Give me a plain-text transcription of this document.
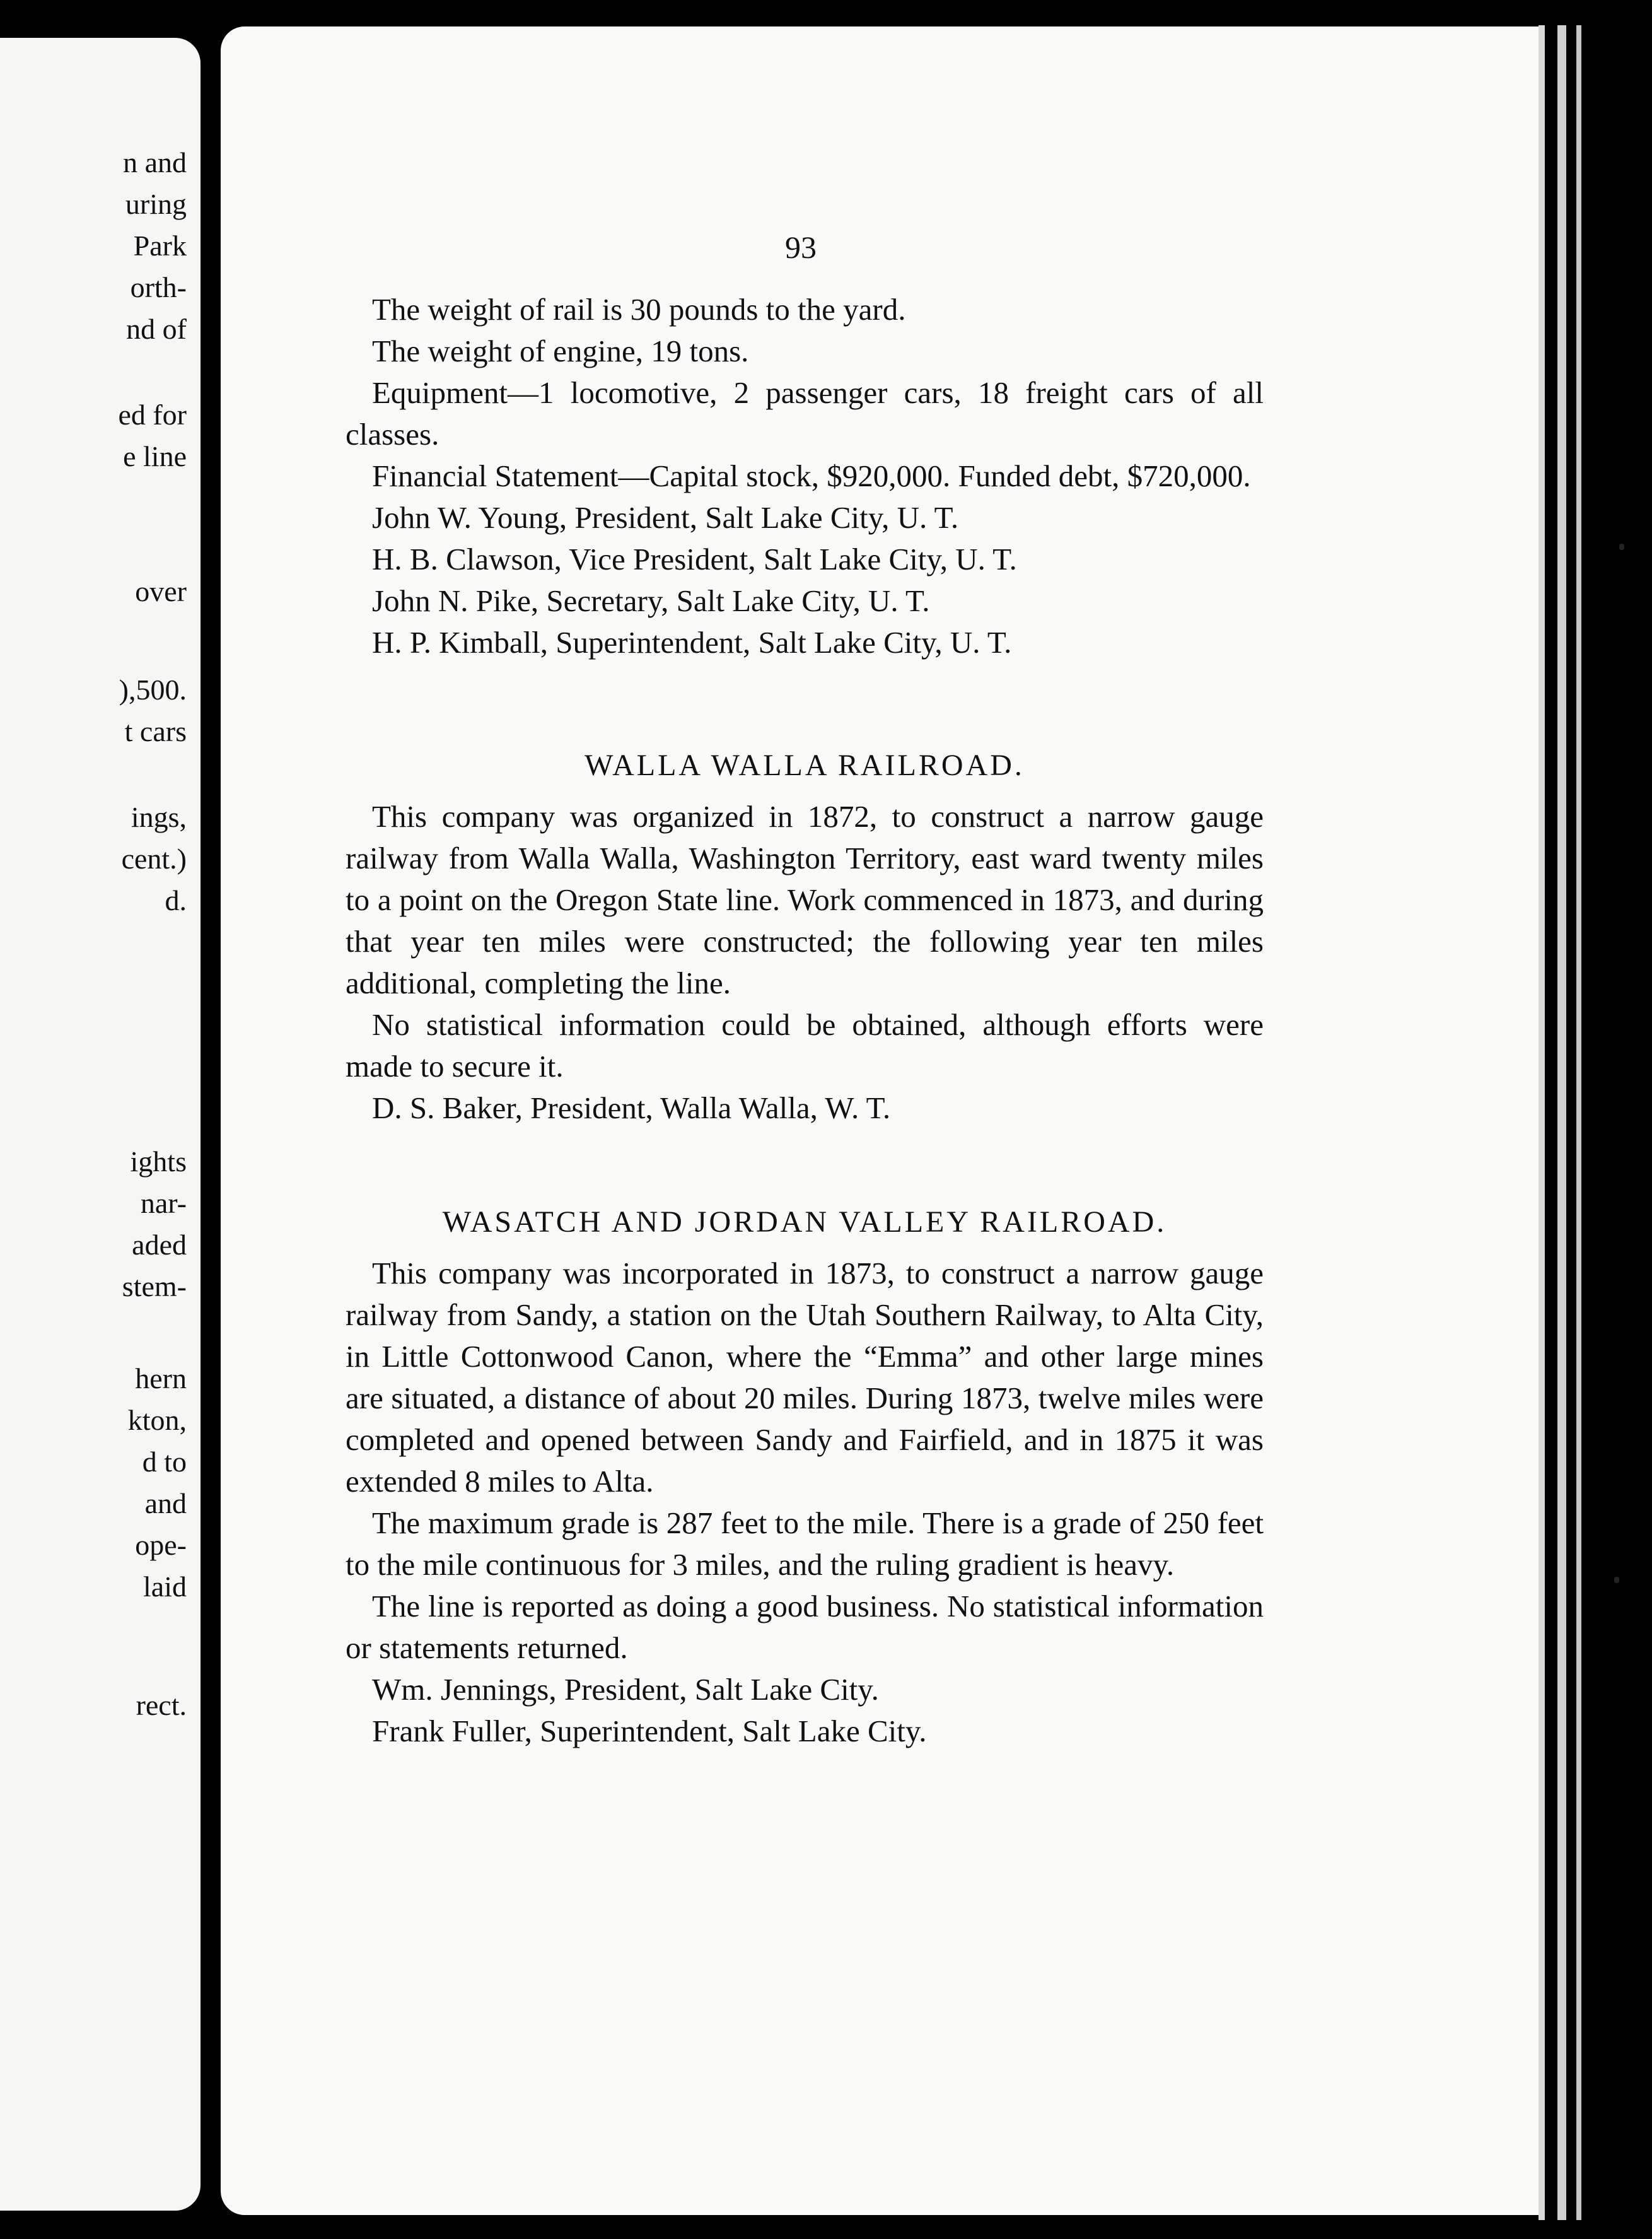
n and
uring
Park
orth-
nd of
ed for
e line
over
),500.
t cars
ings,
cent.)
d.
ights
nar-
aded
stem-
hern
kton,
d to
and
ope-
laid
rect.
93

The weight of rail is 30 pounds to the yard.

The weight of engine, 19 tons.

Equipment—1 locomotive, 2 passenger cars, 18 freight cars of all classes.

Financial Statement—Capital stock, $920,000. Funded debt, $720,000.

John W. Young, President, Salt Lake City, U. T.

H. B. Clawson, Vice President, Salt Lake City, U. T.

John N. Pike, Secretary, Salt Lake City, U. T.

H. P. Kimball, Superintendent, Salt Lake City, U. T.

WALLA WALLA RAILROAD.

This company was organized in 1872, to construct a narrow gauge railway from Walla Walla, Washington Territory, east ward twenty miles to a point on the Oregon State line. Work commenced in 1873, and during that year ten miles were constructed; the following year ten miles additional, completing the line.

No statistical information could be obtained, although efforts were made to secure it.

D. S. Baker, President, Walla Walla, W. T.

WASATCH AND JORDAN VALLEY RAILROAD.

This company was incorporated in 1873, to construct a narrow gauge railway from Sandy, a station on the Utah Southern Railway, to Alta City, in Little Cottonwood Canon, where the “Emma” and other large mines are situated, a distance of about 20 miles. During 1873, twelve miles were completed and opened between Sandy and Fairfield, and in 1875 it was extended 8 miles to Alta.

The maximum grade is 287 feet to the mile. There is a grade of 250 feet to the mile continuous for 3 miles, and the ruling gradient is heavy.

The line is reported as doing a good business. No statistical information or statements returned.

Wm. Jennings, President, Salt Lake City.

Frank Fuller, Superintendent, Salt Lake City.
